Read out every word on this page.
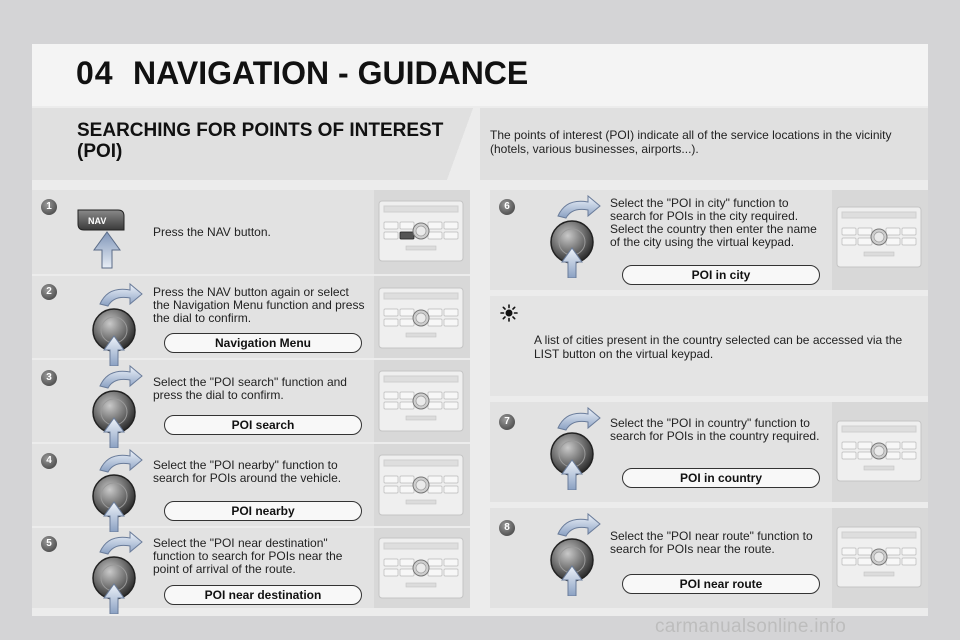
04 NAVIGATION - GUIDANCE
SEARCHING FOR POINTS OF INTEREST (POI)
The points of interest (POI) indicate all of the service locations in the vicinity (hotels, various businesses, airports...).
1
NAV
Press the NAV button.
2	Press the NAV button again or select the Navigation Menu function and press the dial to confirm.
Navigation Menu
3	Select the "POI search" function and press the dial to confirm.
POI search
4	Select the "POI nearby" function to search for POIs around the vehicle.
POI nearby
5	Select the "POI near destination" function to search for POIs near the point of arrival of the route.
POI near destination
6	Select the "POI in city" function to search for POIs in the city required. Select the country then enter the name of the city using the virtual keypad.
POI in city
A list of cities present in the country selected can be accessed via the LIST button on the virtual keypad.
7	Select the "POI in country" function to search for POIs in the country required.
POI in country
8
Select the "POI near route" function to search for POIs near the route.
POI near route
carmanualsonline.info
